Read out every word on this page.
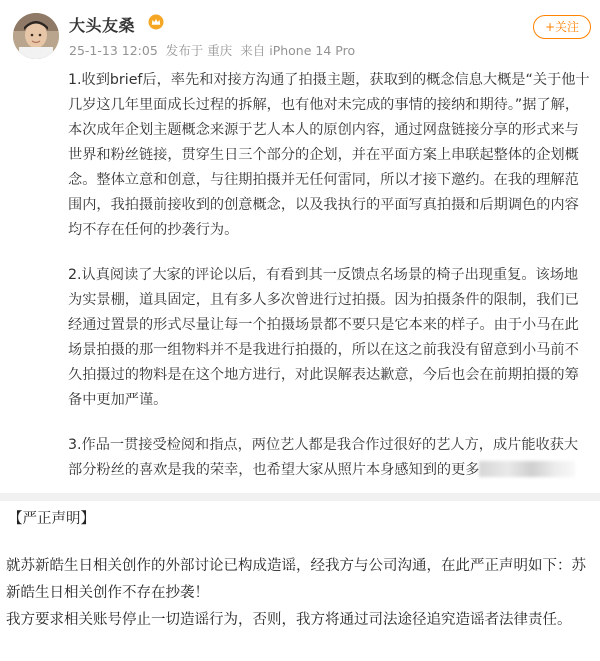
大头友桑
25-1-13 12:05 发布于 重庆 来自 iPhone 14 Pro
+关注

1.收到brief后，率先和对接方沟通了拍摄主题，获取到的概念信息大概是“关于他十几岁这几年里面成长过程的拆解，也有他对未完成的事情的接纳和期待。”据了解，本次成年企划主题概念来源于艺人本人的原创内容，通过网盘链接分享的形式来与世界和粉丝链接，贯穿生日三个部分的企划，并在平面方案上串联起整体的企划概念。整体立意和创意，与往期拍摄并无任何雷同，所以才接下邀约。在我的理解范围内，我拍摄前接收到的创意概念，以及我执行的平面写真拍摄和后期调色的内容均不存在任何的抄袭行为。

2.认真阅读了大家的评论以后，有看到其一反馈点名场景的椅子出现重复。该场地为实景棚，道具固定，且有多人多次曾进行过拍摄。因为拍摄条件的限制，我们已经通过置景的形式尽量让每一个拍摄场景都不要只是它本来的样子。由于小马在此场景拍摄的那一组物料并不是我进行拍摄的，所以在这之前我没有留意到小马前不久拍摄过的物料是在这个地方进行，对此误解表达歉意，今后也会在前期拍摄的筹备中更加严谨。

3.作品一贯接受检阅和指点，两位艺人都是我合作过很好的艺人方，成片能收获大部分粉丝的喜欢是我的荣幸，也希望大家从照片本身感知到的更多

【严正声明】

就苏新皓生日相关创作的外部讨论已构成造谣，经我方与公司沟通，在此严正声明如下：苏新皓生日相关创作不存在抄袭！

我方要求相关账号停止一切造谣行为，否则，我方将通过司法途径追究造谣者法律责任。
